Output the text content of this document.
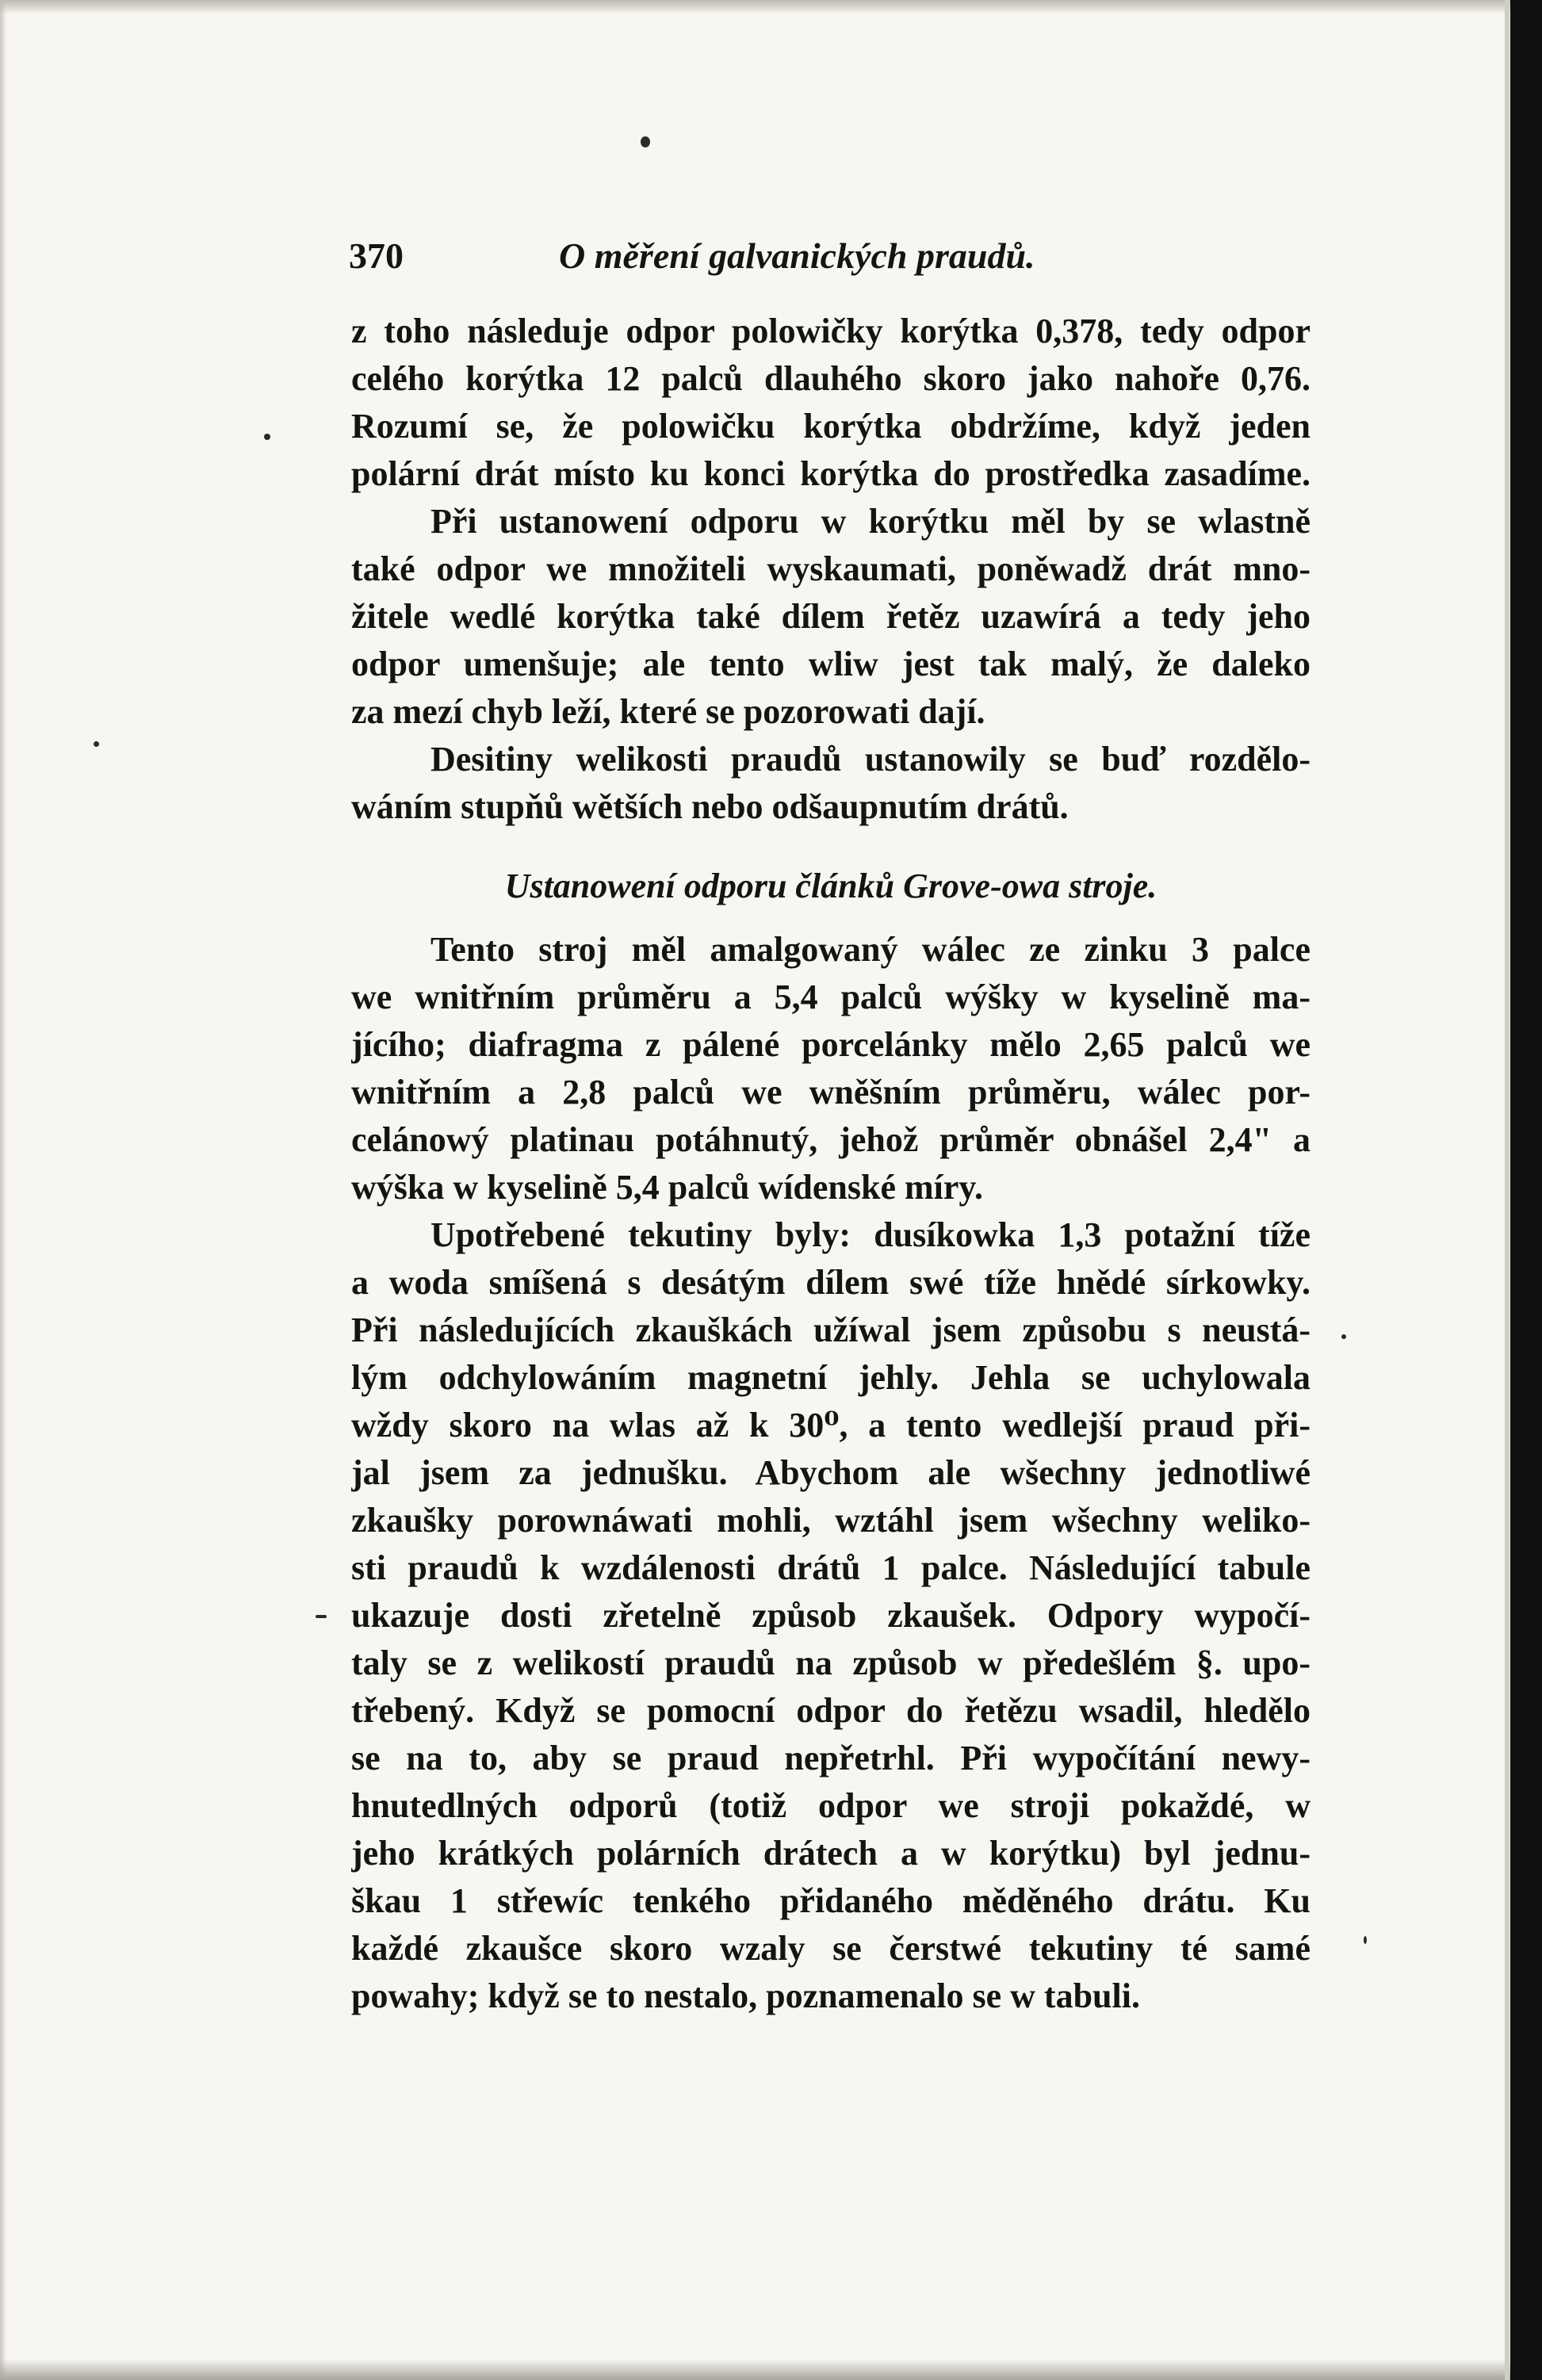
370	O měření galvanických praudů.
z toho následuje odpor polowičky korýtka 0,378, tedy odpor
celého korýtka 12 palců dlauhého skoro jako nahoře 0,76.
Rozumí se, že polowičku korýtka obdržíme, když jeden
polární drát místo ku konci korýtka do prostředka zasadíme.
Při ustanowení odporu w korýtku měl by se wlastně
také odpor we množiteli wyskaumati, poněwadž drát mno-
žitele wedlé korýtka také dílem řetěz uzawírá a tedy jeho
odpor umenšuje; ale tento wliw jest tak malý, že daleko
za mezí chyb leží, které se pozorowati dají.
Desitiny welikosti praudů ustanowily se buď rozdělo-
wáním stupňů wětších nebo odšaupnutím drátů.
Ustanowení odporu článků Grove-owa stroje.
Tento stroj měl amalgowaný wálec ze zinku 3 palce
we wnitřním průměru a 5,4 palců wýšky w kyselině ma-
jícího; diafragma z pálené porcelánky mělo 2,65 palců we
wnitřním a 2,8 palců we wněšním průměru, wálec por-
celánowý platinau potáhnutý, jehož průměr obnášel 2,4" a
wýška w kyselině 5,4 palců wídenské míry.
Upotřebené tekutiny byly: dusíkowka 1,3 potažní tíže
a woda smíšená s desátým dílem swé tíže hnědé sírkowky.
Při následujících zkauškách užíwal jsem způsobu s neustá-
lým odchylowáním magnetní jehly. Jehla se uchylowala
wždy skoro na wlas až k 30⁰, a tento wedlejší praud při-
jal jsem za jednušku. Abychom ale wšechny jednotliwé
zkaušky porownáwati mohli, wztáhl jsem wšechny weliko-
sti praudů k wzdálenosti drátů 1 palce. Následující tabule
ukazuje dosti zřetelně způsob zkaušek. Odpory wypočí-
taly se z welikostí praudů na způsob w předešlém §. upo-
třebený. Když se pomocní odpor do řetězu wsadil, hledělo
se na to, aby se praud nepřetrhl. Při wypočítání newy-
hnutedlných odporů (totiž odpor we stroji pokaždé, w
jeho krátkých polárních drátech a w korýtku) byl jednu-
škau 1 střewíc tenkého přidaného měděného drátu. Ku
každé zkaušce skoro wzaly se čerstwé tekutiny té samé
powahy; když se to nestalo, poznamenalo se w tabuli.
